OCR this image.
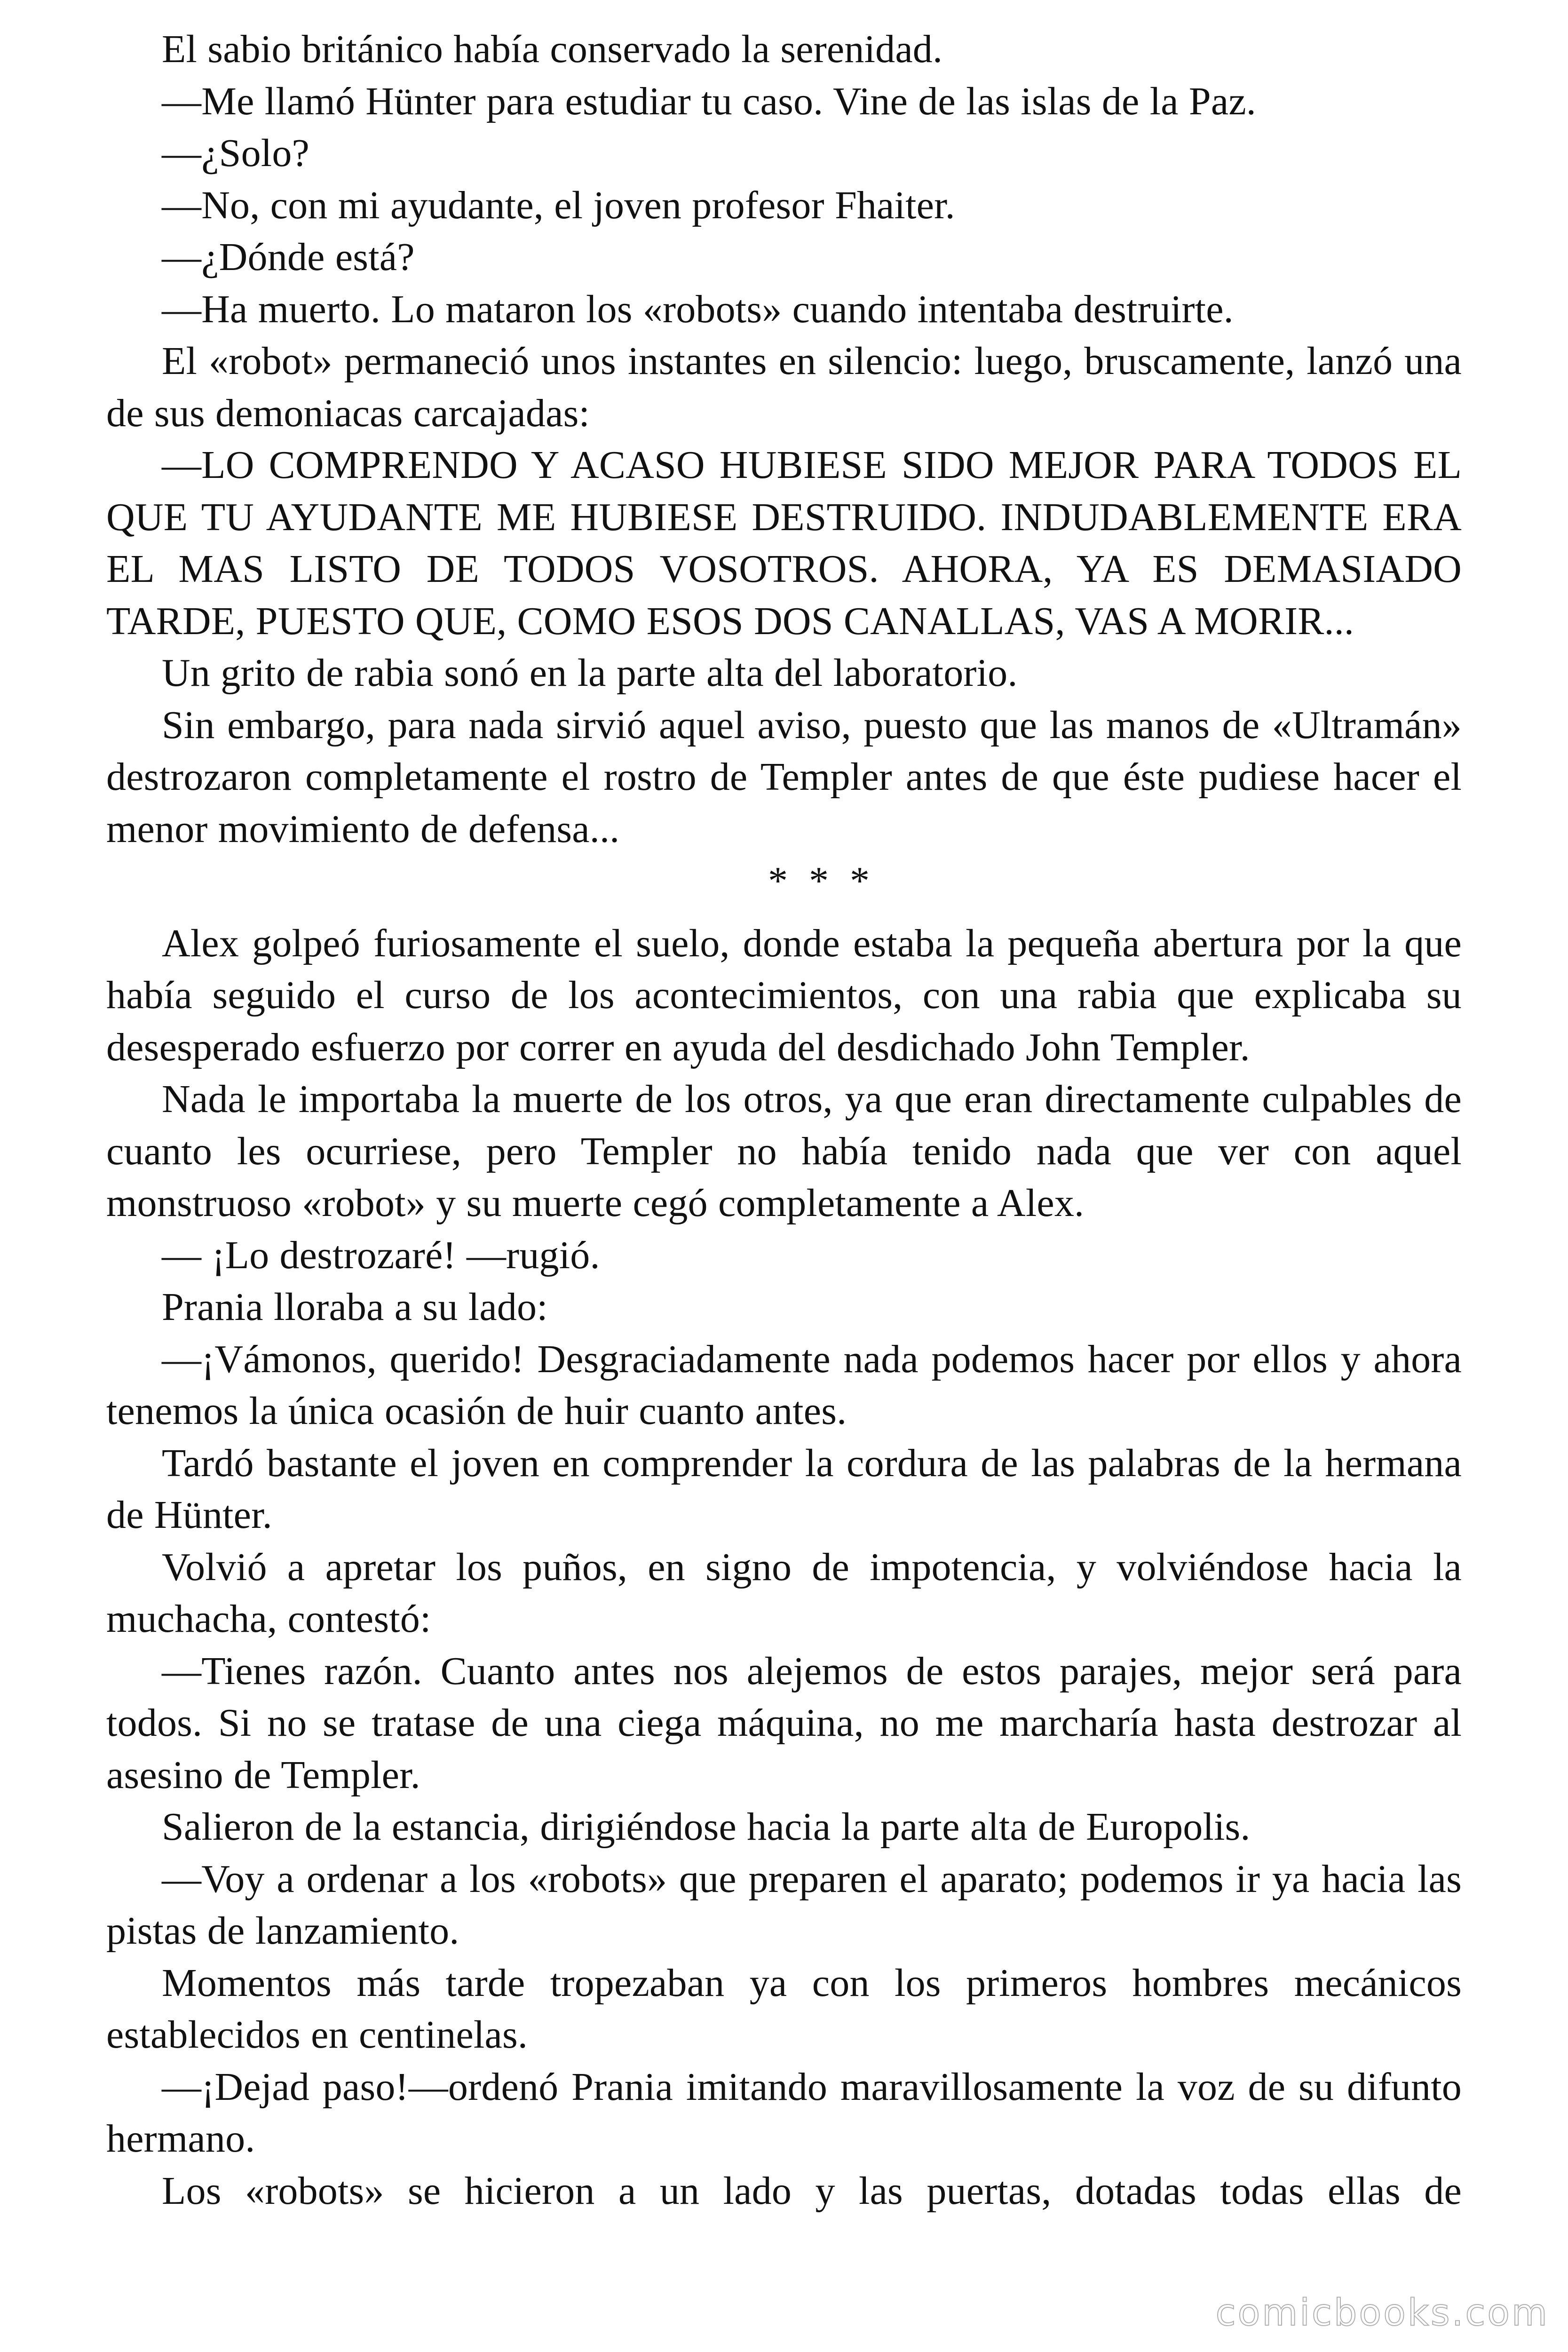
El sabio británico había conservado la serenidad.

—Me llamó Hünter para estudiar tu caso. Vine de las islas de la Paz.

—¿Solo?

—No, con mi ayudante, el joven profesor Fhaiter.

—¿Dónde está?

—Ha muerto. Lo mataron los «robots» cuando intentaba destruirte.

El «robot» permaneció unos instantes en silencio: luego, bruscamente, lanzó una de sus demoniacas carcajadas:

—LO COMPRENDO Y ACASO HUBIESE SIDO MEJOR PARA TODOS EL QUE TU AYUDANTE ME HUBIESE DESTRUIDO. INDUDABLEMENTE ERA EL MAS LISTO DE TODOS VOSOTROS. AHORA, YA ES DEMASIADO TARDE, PUESTO QUE, COMO ESOS DOS CANALLAS, VAS A MORIR...

Un grito de rabia sonó en la parte alta del laboratorio.

Sin embargo, para nada sirvió aquel aviso, puesto que las manos de «Ultramán» destrozaron completamente el rostro de Templer antes de que éste pudiese hacer el menor movimiento de defensa...

* * *

Alex golpeó furiosamente el suelo, donde estaba la pequeña abertura por la que había seguido el curso de los acontecimientos, con una rabia que explicaba su desesperado esfuerzo por correr en ayuda del desdichado John Templer.

Nada le importaba la muerte de los otros, ya que eran directamente culpables de cuanto les ocurriese, pero Templer no había tenido nada que ver con aquel monstruoso «robot» y su muerte cegó completamente a Alex.

— ¡Lo destrozaré! —rugió.

Prania lloraba a su lado:

—¡Vámonos, querido! Desgraciadamente nada podemos hacer por ellos y ahora tenemos la única ocasión de huir cuanto antes.

Tardó bastante el joven en comprender la cordura de las palabras de la hermana de Hünter.

Volvió a apretar los puños, en signo de impotencia, y volviéndose hacia la muchacha, contestó:

—Tienes razón. Cuanto antes nos alejemos de estos parajes, mejor será para todos. Si no se tratase de una ciega máquina, no me marcharía hasta destrozar al asesino de Templer.

Salieron de la estancia, dirigiéndose hacia la parte alta de Europolis.

—Voy a ordenar a los «robots» que preparen el aparato; podemos ir ya hacia las pistas de lanzamiento.

Momentos más tarde tropezaban ya con los primeros hombres mecánicos establecidos en centinelas.

—¡Dejad paso!—ordenó Prania imitando maravillosamente la voz de su difunto hermano.

Los «robots» se hicieron a un lado y las puertas, dotadas todas ellas de

comicbooks.com
